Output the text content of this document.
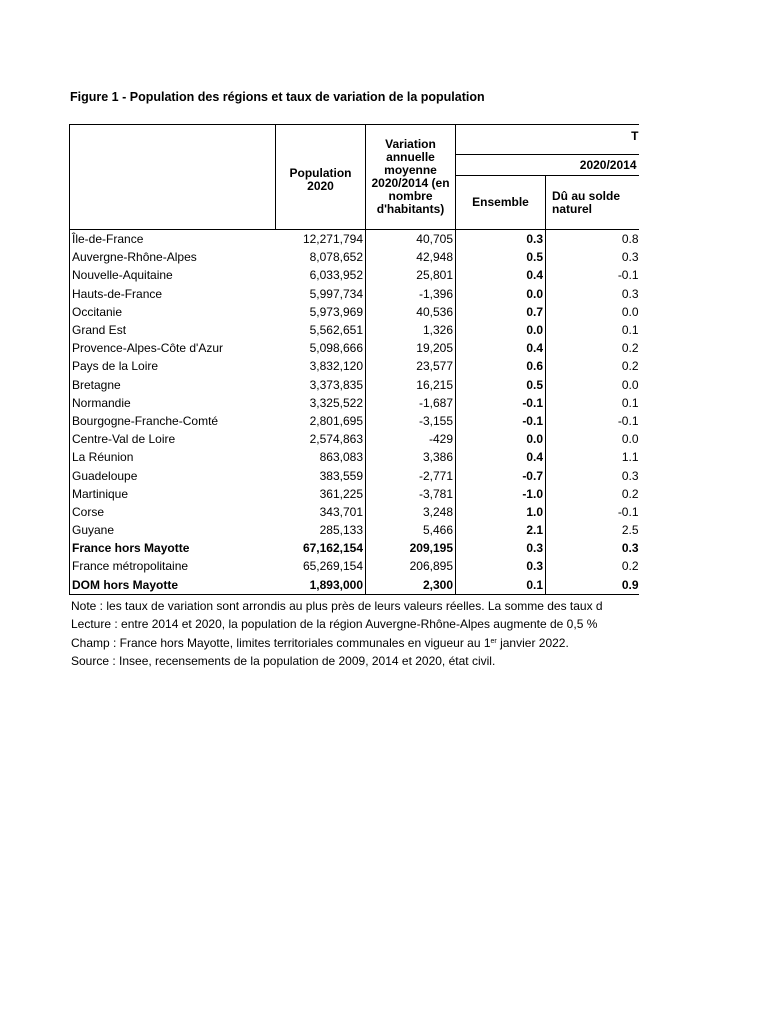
Figure 1 - Population des régions et taux de variation de la population
	Population 2020	Variation annuelle moyenne 2020/2014 (en nombre d'habitants)	T	
			2020/2014	
			Ensemble	Dû au solde naturel
Île-de-France	12,271,794	40,705	0.3	0.8
Auvergne-Rhône-Alpes	8,078,652	42,948	0.5	0.3
Nouvelle-Aquitaine	6,033,952	25,801	0.4	-0.1
Hauts-de-France	5,997,734	-1,396	0.0	0.3
Occitanie	5,973,969	40,536	0.7	0.0
Grand Est	5,562,651	1,326	0.0	0.1
Provence-Alpes-Côte d'Azur	5,098,666	19,205	0.4	0.2
Pays de la Loire	3,832,120	23,577	0.6	0.2
Bretagne	3,373,835	16,215	0.5	0.0
Normandie	3,325,522	-1,687	-0.1	0.1
Bourgogne-Franche-Comté	2,801,695	-3,155	-0.1	-0.1
Centre-Val de Loire	2,574,863	-429	0.0	0.0
La Réunion	863,083	3,386	0.4	1.1
Guadeloupe	383,559	-2,771	-0.7	0.3
Martinique	361,225	-3,781	-1.0	0.2
Corse	343,701	3,248	1.0	-0.1
Guyane	285,133	5,466	2.1	2.5
France hors Mayotte	67,162,154	209,195	0.3	0.3
France métropolitaine	65,269,154	206,895	0.3	0.2
DOM hors Mayotte	1,893,000	2,300	0.1	0.9
Note : les taux de variation sont arrondis au plus près de leurs valeurs réelles. La somme des taux d
Lecture : entre 2014 et 2020, la population de la région Auvergne-Rhône-Alpes augmente de 0,5 %
Champ : France hors Mayotte, limites territoriales communales en vigueur au 1er janvier 2022.
Source : Insee, recensements de la population de 2009, 2014 et 2020, état civil.
